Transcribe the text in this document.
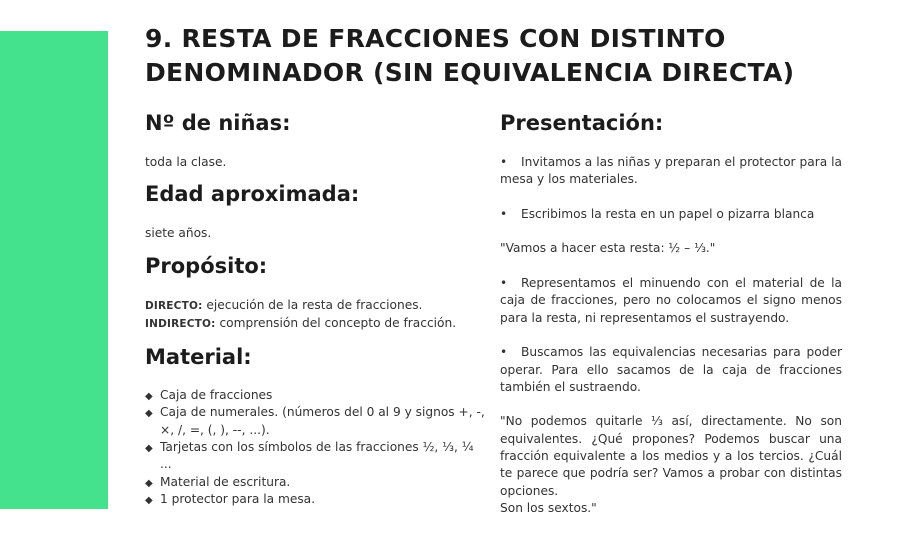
9. RESTA DE FRACCIONES CON DISTINTO DENOMINADOR (SIN EQUIVALENCIA DIRECTA)
Nº de niñas:

toda la clase.

Edad aproximada:

siete años.

Propósito:
DIRECTO: ejecución de la resta de fracciones.
INDIRECTO: comprensión del concepto de fracción.
Material:
◆ Caja de fracciones
◆ Caja de numerales. (números del 0 al 9 y signos +, -, ×, /, =, (, ), --, ...).
◆ Tarjetas con los símbolos de las fracciones ½, ⅓, ¼ ...
◆ Material de escritura.
◆ 1 protector para la mesa.
Presentación:

• Invitamos a las niñas y preparan el protector para la mesa y los materiales.

• Escribimos la resta en un papel o pizarra blanca

"Vamos a hacer esta resta: ½ – ⅓."

• Representamos el minuendo con el material de la caja de fracciones, pero no colocamos el signo menos para la resta, ni representamos el sustrayendo.

• Buscamos las equivalencias necesarias para poder operar. Para ello sacamos de la caja de fracciones también el sustraendo.

"No podemos quitarle ⅓ así, directamente. No son equivalentes. ¿Qué propones? Podemos buscar una fracción equivalente a los medios y a los tercios. ¿Cuál te parece que podría ser? Vamos a probar con distintas opciones.
Son los sextos."
